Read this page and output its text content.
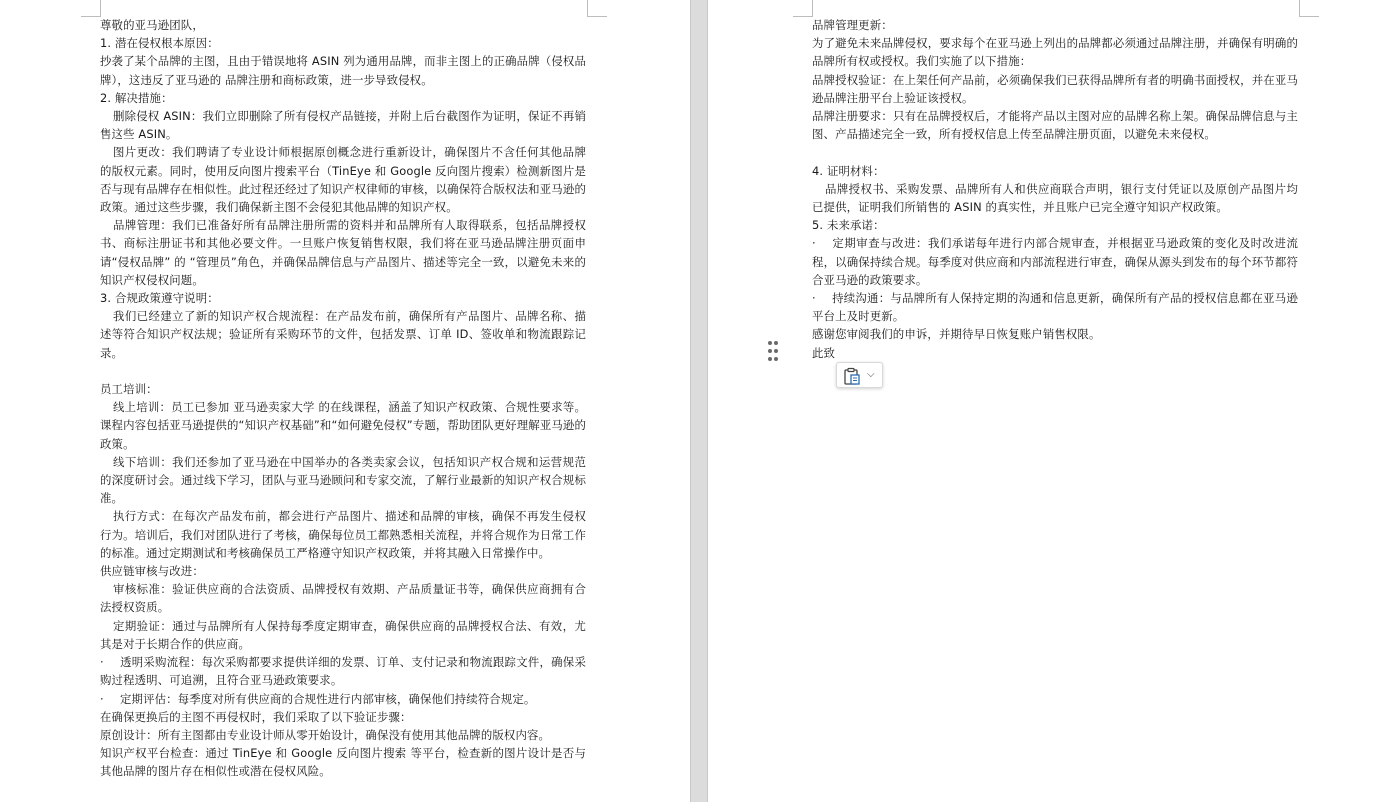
尊敬的亚马逊团队，

1. 潜在侵权根本原因：

抄袭了某个品牌的主图，且由于错误地将 ASIN 列为通用品牌，而非主图上的正确品牌（侵权品牌），这违反了亚马逊的 品牌注册和商标政策，进一步导致侵权。

2. 解决措施：

删除侵权 ASIN：我们立即删除了所有侵权产品链接，并附上后台截图作为证明，保证不再销售这些 ASIN。

图片更改：我们聘请了专业设计师根据原创概念进行重新设计，确保图片不含任何其他品牌的版权元素。同时，使用反向图片搜索平台（TinEye 和 Google 反向图片搜索）检测新图片是否与现有品牌存在相似性。此过程还经过了知识产权律师的审核，以确保符合版权法和亚马逊的政策。通过这些步骤，我们确保新主图不会侵犯其他品牌的知识产权。

品牌管理：我们已准备好所有品牌注册所需的资料并和品牌所有人取得联系，包括品牌授权书、商标注册证书和其他必要文件。一旦账户恢复销售权限，我们将在亚马逊品牌注册页面申请“侵权品牌” 的 “管理员”角色，并确保品牌信息与产品图片、描述等完全一致，以避免未来的知识产权侵权问题。

3. 合规政策遵守说明：

我们已经建立了新的知识产权合规流程：在产品发布前，确保所有产品图片、品牌名称、描述等符合知识产权法规；验证所有采购环节的文件，包括发票、订单 ID、签收单和物流跟踪记录。

员工培训：

线上培训：员工已参加 亚马逊卖家大学 的在线课程，涵盖了知识产权政策、合规性要求等。课程内容包括亚马逊提供的“知识产权基础”和“如何避免侵权”专题，帮助团队更好理解亚马逊的政策。

线下培训：我们还参加了亚马逊在中国举办的各类卖家会议，包括知识产权合规和运营规范的深度研讨会。通过线下学习，团队与亚马逊顾问和专家交流，了解行业最新的知识产权合规标准。

执行方式：在每次产品发布前，都会进行产品图片、描述和品牌的审核，确保不再发生侵权行为。培训后，我们对团队进行了考核，确保每位员工都熟悉相关流程，并将合规作为日常工作的标准。通过定期测试和考核确保员工严格遵守知识产权政策，并将其融入日常操作中。

供应链审核与改进：

审核标准：验证供应商的合法资质、品牌授权有效期、产品质量证书等，确保供应商拥有合法授权资质。

定期验证：通过与品牌所有人保持每季度定期审查，确保供应商的品牌授权合法、有效，尤其是对于长期合作的供应商。

· 透明采购流程：每次采购都要求提供详细的发票、订单、支付记录和物流跟踪文件，确保采购过程透明、可追溯，且符合亚马逊政策要求。

· 定期评估：每季度对所有供应商的合规性进行内部审核，确保他们持续符合规定。

在确保更换后的主图不再侵权时，我们采取了以下验证步骤：

原创设计：所有主图都由专业设计师从零开始设计，确保没有使用其他品牌的版权内容。

知识产权平台检查：通过 TinEye 和 Google 反向图片搜索 等平台，检查新的图片设计是否与其他品牌的图片存在相似性或潜在侵权风险。

品牌管理更新：

为了避免未来品牌侵权，要求每个在亚马逊上列出的品牌都必须通过品牌注册，并确保有明确的品牌所有权或授权。我们实施了以下措施：

品牌授权验证：在上架任何产品前，必须确保我们已获得品牌所有者的明确书面授权，并在亚马逊品牌注册平台上验证该授权。

品牌注册要求：只有在品牌授权后，才能将产品以主图对应的品牌名称上架。确保品牌信息与主图、产品描述完全一致，所有授权信息上传至品牌注册页面，以避免未来侵权。

4. 证明材料：

品牌授权书、采购发票、品牌所有人和供应商联合声明，银行支付凭证以及原创产品图片均已提供，证明我们所销售的 ASIN 的真实性，并且账户已完全遵守知识产权政策。

5. 未来承诺：

· 定期审查与改进：我们承诺每年进行内部合规审查，并根据亚马逊政策的变化及时改进流程，以确保持续合规。每季度对供应商和内部流程进行审查，确保从源头到发布的每个环节都符合亚马逊的政策要求。

· 持续沟通：与品牌所有人保持定期的沟通和信息更新，确保所有产品的授权信息都在亚马逊平台上及时更新。

感谢您审阅我们的申诉，并期待早日恢复账户销售权限。

此致

⌵
